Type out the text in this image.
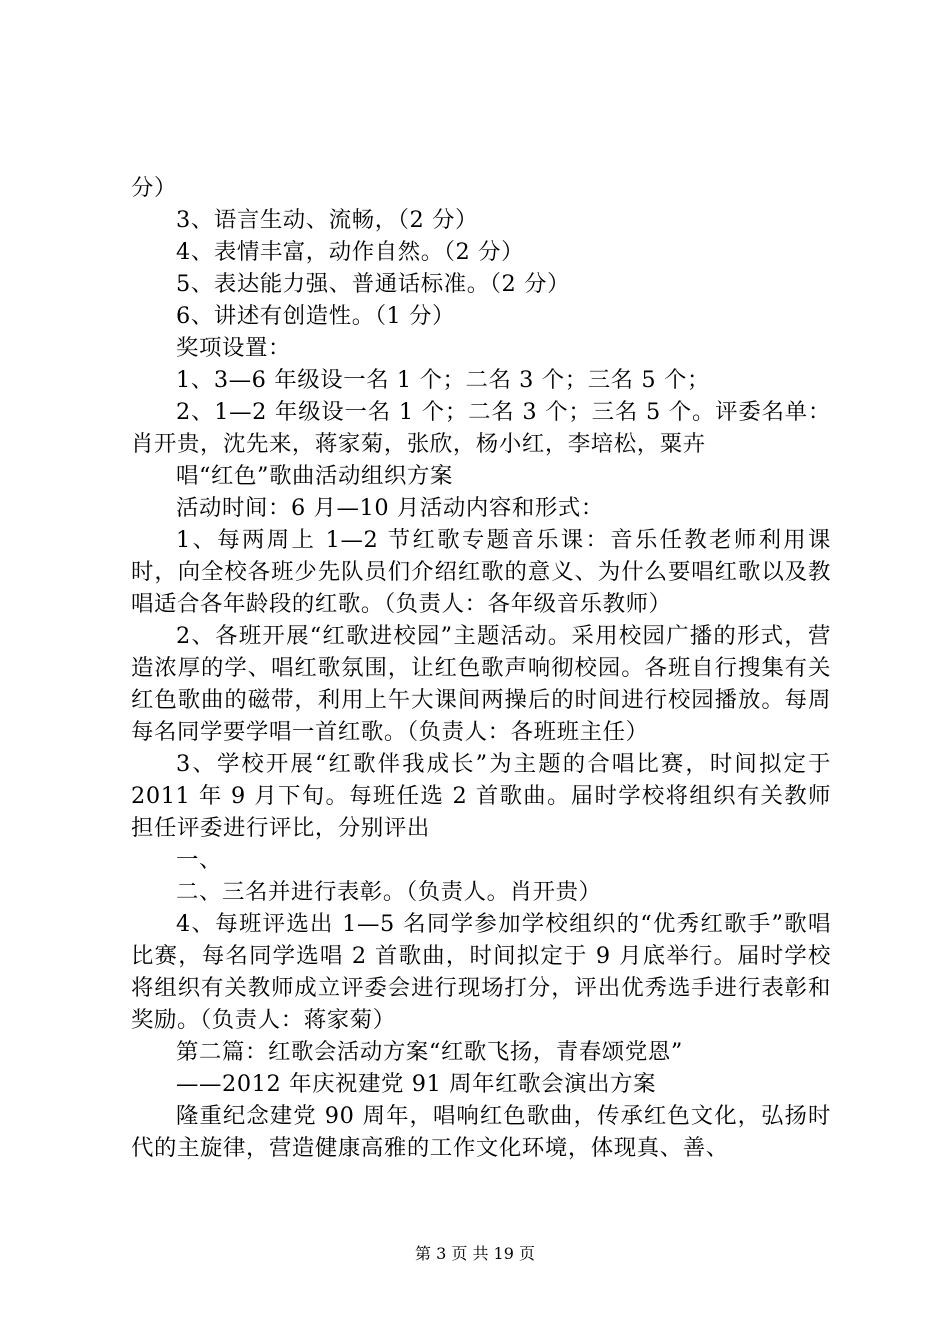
分）

3、语言生动、流畅，（2 分）

4、表情丰富，动作自然。（2 分）

5、表达能力强、普通话标准。（2 分）

6、讲述有创造性。（1 分）

奖项设置：

1、3—6 年级设一名 1 个；二名 3 个；三名 5 个；

2、1—2 年级设一名 1 个；二名 3 个；三名 5 个。评委名单：肖开贵，沈先来，蒋家菊，张欣，杨小红，李培松，粟卉

唱“红色”歌曲活动组织方案

活动时间：6 月—10 月活动内容和形式：

1、每两周上 1—2 节红歌专题音乐课：音乐任教老师利用课时，向全校各班少先队员们介绍红歌的意义、为什么要唱红歌以及教唱适合各年龄段的红歌。（负责人：各年级音乐教师）

2、各班开展“红歌进校园”主题活动。采用校园广播的形式，营造浓厚的学、唱红歌氛围，让红色歌声响彻校园。各班自行搜集有关红色歌曲的磁带，利用上午大课间两操后的时间进行校园播放。每周每名同学要学唱一首红歌。（负责人：各班班主任）

3、学校开展“红歌伴我成长”为主题的合唱比赛，时间拟定于 2011 年 9 月下旬。每班任选 2 首歌曲。届时学校将组织有关教师担任评委进行评比，分别评出

一、

二、三名并进行表彰。（负责人。肖开贵）

4、每班评选出 1—5 名同学参加学校组织的“优秀红歌手”歌唱比赛，每名同学选唱 2 首歌曲，时间拟定于 9 月底举行。届时学校将组织有关教师成立评委会进行现场打分，评出优秀选手进行表彰和奖励。（负责人：蒋家菊）

第二篇：红歌会活动方案“红歌飞扬，青春颂党恩”

——2012 年庆祝建党 91 周年红歌会演出方案

隆重纪念建党 90 周年，唱响红色歌曲，传承红色文化，弘扬时代的主旋律，营造健康高雅的工作文化环境，体现真、善、

第 3 页 共 19 页
